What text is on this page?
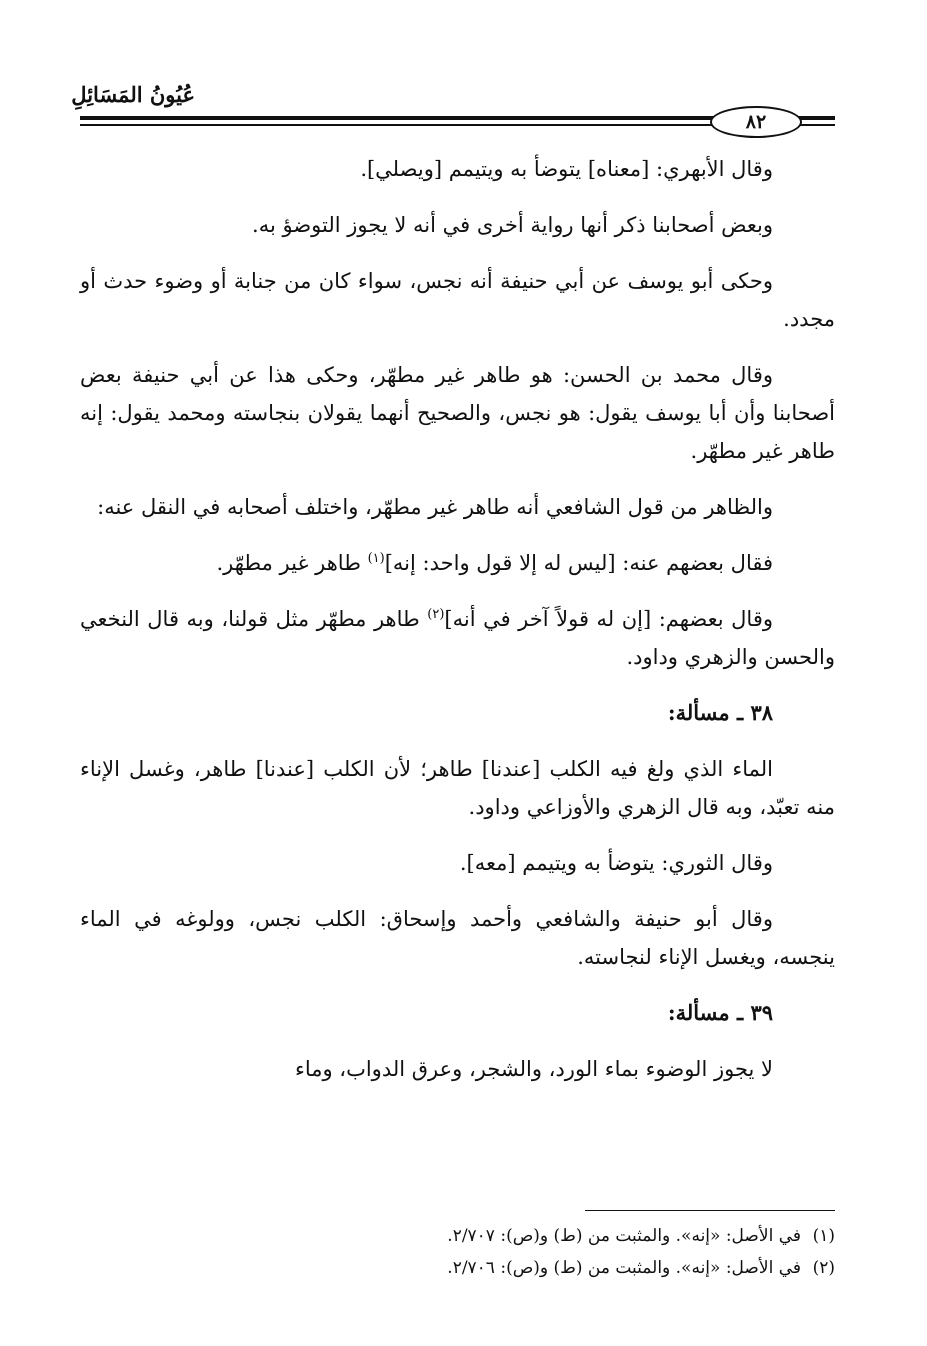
عُيُونُ المَسَائِلِ
٨٢

وقال الأبهري: [معناه] يتوضأ به ويتيمم [ويصلي].

وبعض أصحابنا ذكر أنها رواية أخرى في أنه لا يجوز التوضؤ به.

وحكى أبو يوسف عن أبي حنيفة أنه نجس، سواء كان من جنابة أو وضوء حدث أو مجدد.

وقال محمد بن الحسن: هو طاهر غير مطهّر، وحكى هذا عن أبي حنيفة بعض أصحابنا وأن أبا يوسف يقول: هو نجس، والصحيح أنهما يقولان بنجاسته ومحمد يقول: إنه طاهر غير مطهّر.

والظاهر من قول الشافعي أنه طاهر غير مطهّر، واختلف أصحابه في النقل عنه:

فقال بعضهم عنه: [ليس له إلا قول واحد: إنه]$^{(١)}$ طاهر غير مطهّر.

وقال بعضهم: [إن له قولاً آخر في أنه]$^{(٢)}$ طاهر مطهّر مثل قولنا، وبه قال النخعي والحسن والزهري وداود.

٣٨ ـ مسألة:

الماء الذي ولغ فيه الكلب [عندنا] طاهر؛ لأن الكلب [عندنا] طاهر، وغسل الإناء منه تعبّد، وبه قال الزهري والأوزاعي وداود.

وقال الثوري: يتوضأ به ويتيمم [معه].

وقال أبو حنيفة والشافعي وأحمد وإسحاق: الكلب نجس، وولوغه في الماء ينجسه، ويغسل الإناء لنجاسته.

٣٩ ـ مسألة:

لا يجوز الوضوء بماء الورد، والشجر، وعرق الدواب، وماء

(١)في الأصل: «إنه». والمثبت من (ط) و(ص): ٢/٧٠٧.

(٢)في الأصل: «إنه». والمثبت من (ط) و(ص): ٢/٧٠٦.
